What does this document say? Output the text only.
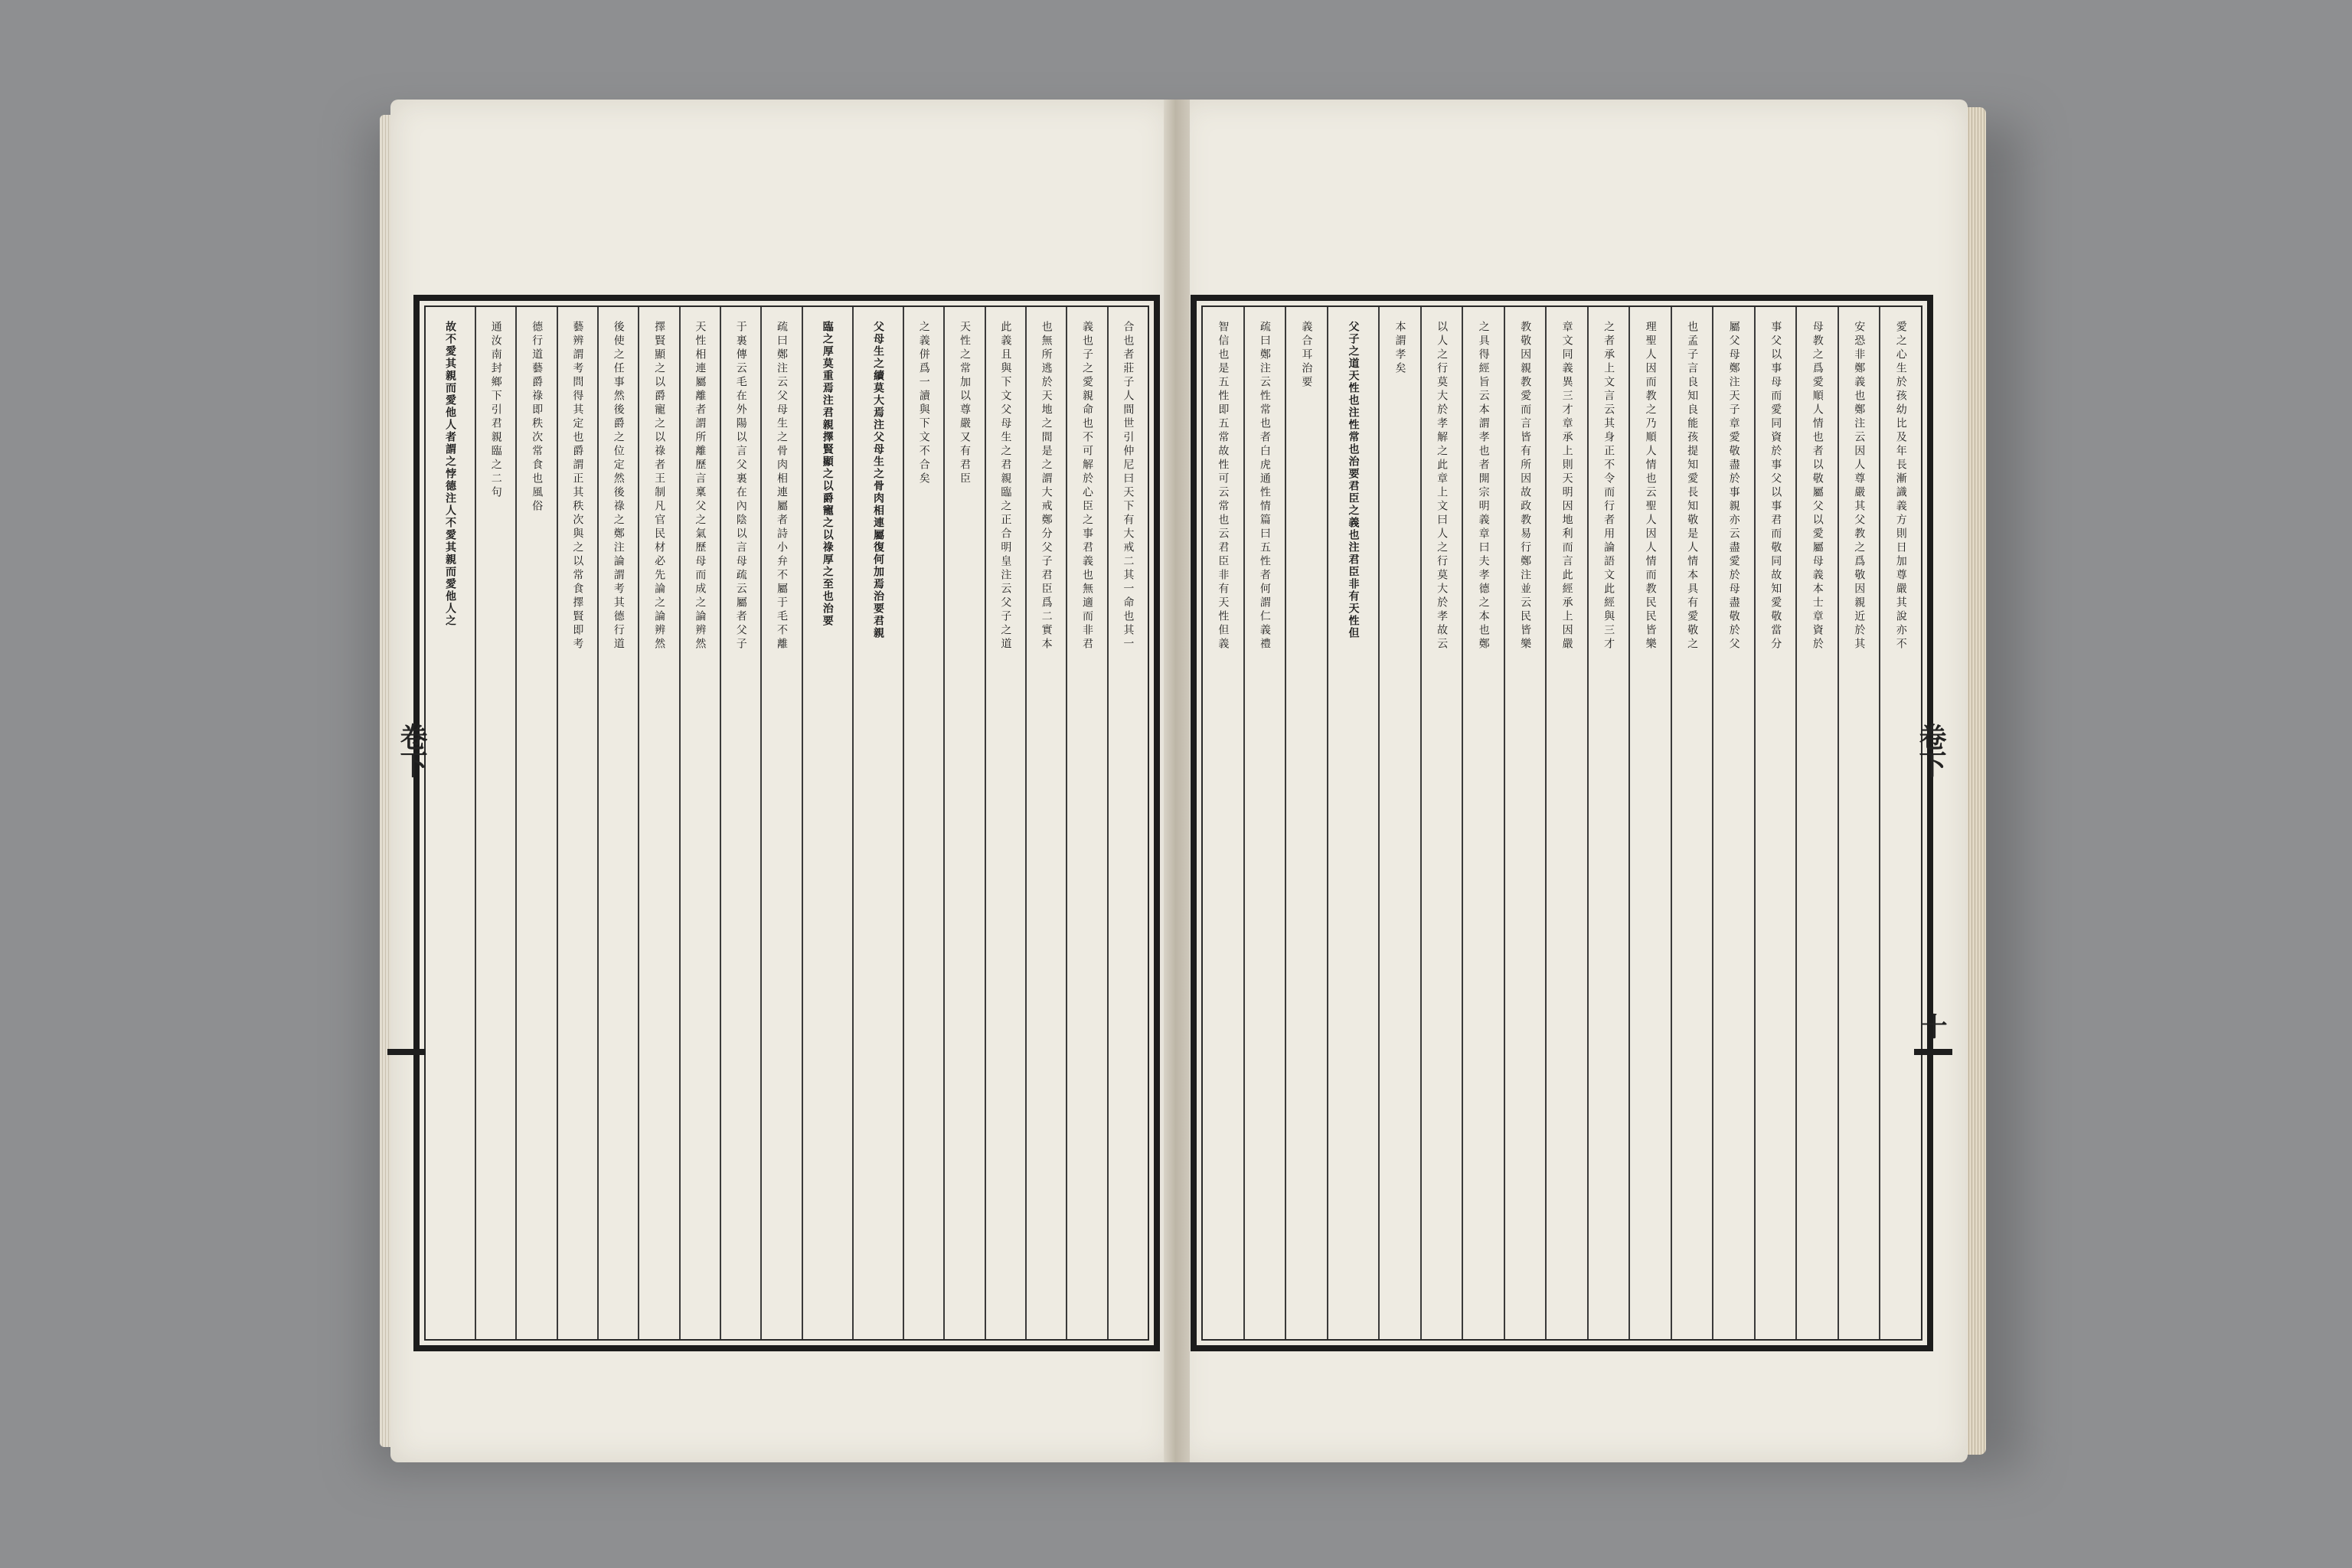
合也者莊子人間世引仲尼曰天下有大戒二其一命也其一
義也子之愛親命也不可解於心臣之事君義也無適而非君
也無所逃於天地之間是之謂大戒鄭分父子君臣爲二實本
此義且與下文父母生之君親臨之正合明皇注云父子之道
天性之常加以尊嚴又有君臣
之義併爲一讀與下文不合矣
父母生之續莫大焉注父母生之骨肉相連屬復何加焉治要君親
臨之厚莫重焉注君親擇賢顯之以爵寵之以祿厚之至也治要
疏曰鄭注云父母生之骨肉相連屬者詩小弁不屬于毛不離
于裏傳云毛在外陽以言父裏在內陰以言母疏云屬者父子
天性相連屬離者謂所離歷言稟父之氣歷母而成之論辨然
擇賢顯之以爵寵之以祿者王制凡官民材必先論之論辨然
後使之任事然後爵之位定然後祿之鄭注論謂考其德行道
藝辨謂考問得其定也爵謂正其秩次與之以常食擇賢即考
德行道藝爵祿即秩次常食也風俗
通汝南封鄉下引君親臨之二句
故不愛其親而愛他人者謂之悖德注人不愛其親而愛他人之	愛之心生於孩幼比及年長漸識義方則日加尊嚴其說亦不
安恐非鄭義也鄭注云因人尊嚴其父教之爲敬因親近於其
母教之爲愛順人情也者以敬屬父以愛屬母義本士章資於
事父以事母而愛同資於事父以事君而敬同故知愛敬當分
屬父母鄭注天子章愛敬盡於事親亦云盡愛於母盡敬於父
也孟子言良知良能孩提知愛長知敬是人情本具有愛敬之
理聖人因而教之乃順人情也云聖人因人情而教民民皆樂
之者承上文言云其身正不令而行者用論語文此經與三才
章文同義異三才章承上則天明因地利而言此經承上因嚴
教敬因親教愛而言皆有所因故政教易行鄭注並云民皆樂
之具得經旨云本謂孝也者開宗明義章曰夫孝德之本也鄭
以人之行莫大於孝解之此章上文曰人之行莫大於孝故云
本謂孝矣
父子之道天性也注性常也治要君臣之義也注君臣非有天性但
義合耳治要
疏曰鄭注云性常也者白虎通性情篇曰五性者何謂仁義禮
智信也是五性即五常故性可云常也云君臣非有天性但義
卷下	卷下
十
